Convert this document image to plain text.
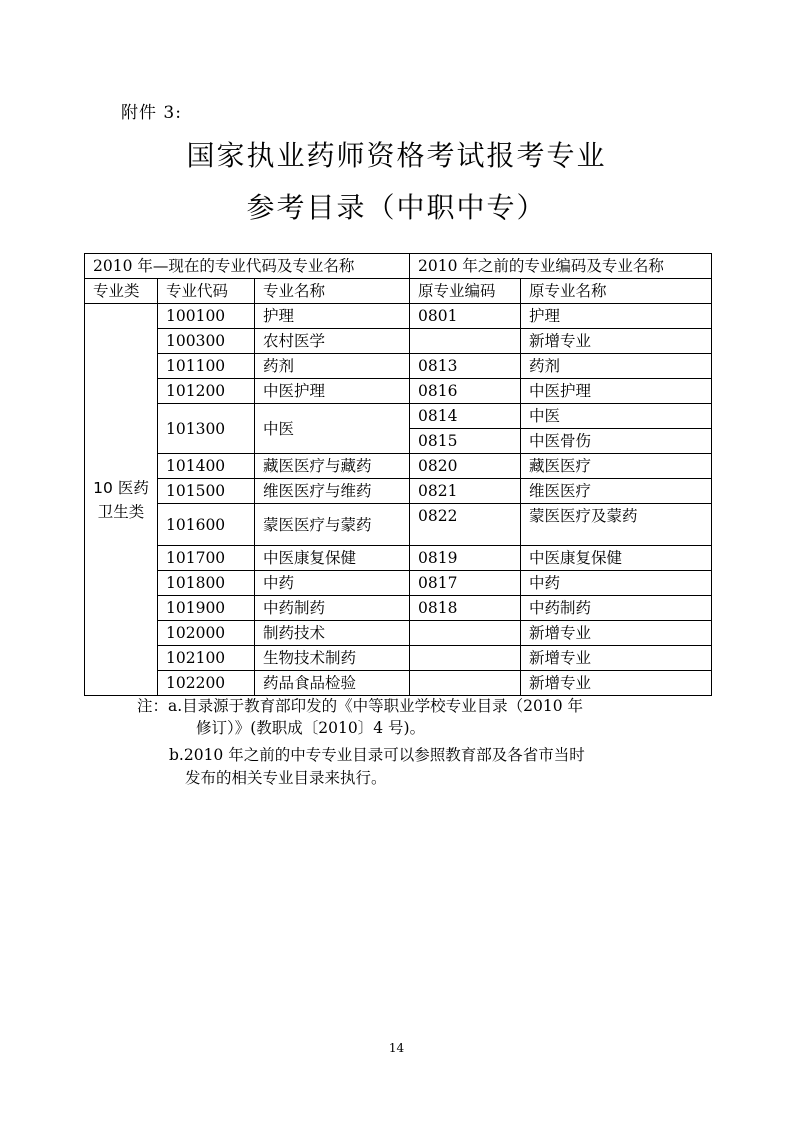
附件 3:
国家执业药师资格考试报考专业
参考目录（中职中专）
2010 年—现在的专业代码及专业名称			2010 年之前的专业编码及专业名称	
专业类	专业代码	专业名称	原专业编码	原专业名称

10 医药
卫生类	100100	护理	0801	护理
	100300	农村医学		新增专业
	101100	药剂	0813	药剂
	101200	中医护理	0816	中医护理
	101300	中医	0814	中医
			0815	中医骨伤
	101400	藏医医疗与藏药	0820	藏医医疗
	101500	维医医疗与维药	0821	维医医疗
	101600	蒙医医疗与蒙药	0822	蒙医医疗及蒙药
	101700	中医康复保健	0819	中医康复保健
	101800	中药	0817	中药
	101900	中药制药	0818	中药制药
	102000	制药技术		新增专业
	102100	生物技术制药		新增专业
	102200	药品食品检验		新增专业
注：a.目录源于教育部印发的《中等职业学校专业目录（2010 年
修订）》(教职成〔2010〕4 号)。
b.2010 年之前的中专专业目录可以参照教育部及各省市当时
发布的相关专业目录来执行。
14
